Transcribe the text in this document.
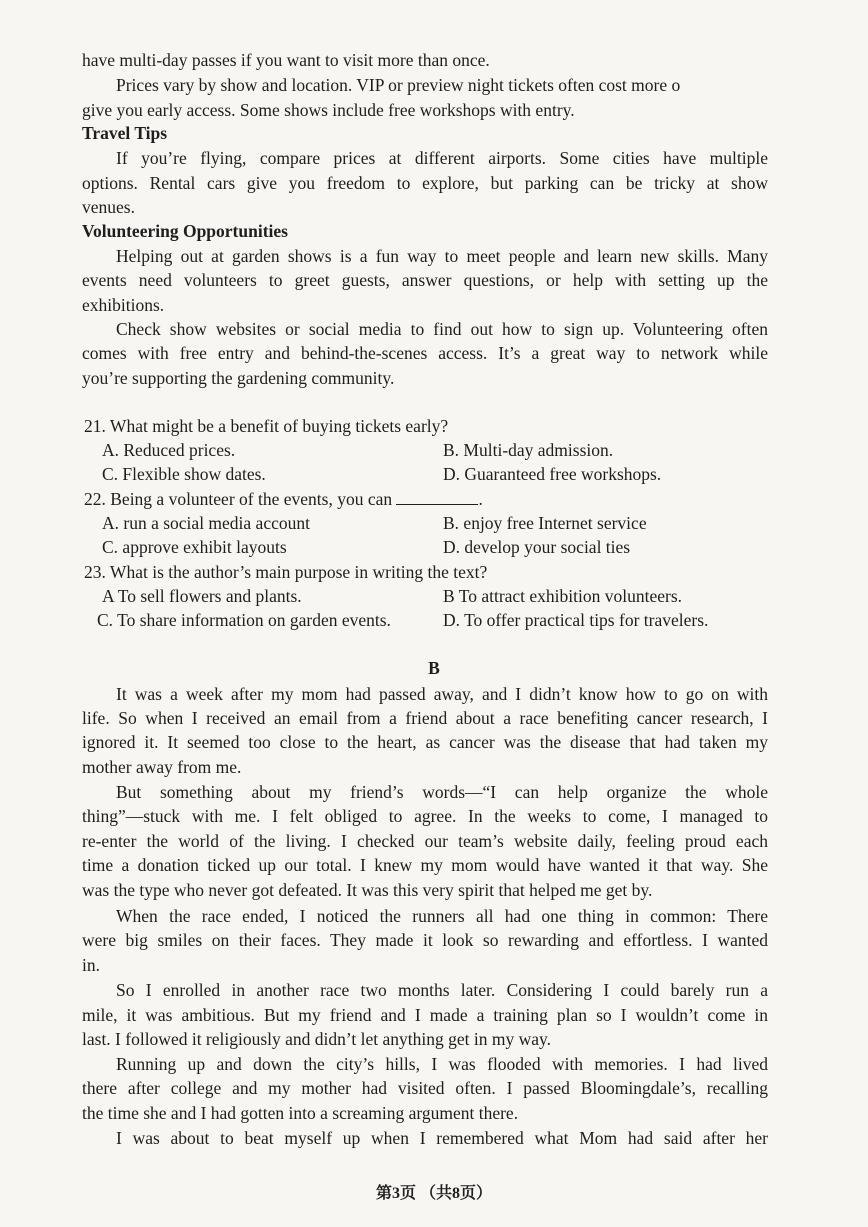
have multi-day passes if you want to visit more than once.
Prices vary by show and location. VIP or preview night tickets often cost more o
give you early access. Some shows include free workshops with entry.
Travel Tips
If you’re flying, compare prices at different airports. Some cities have multiple
options. Rental cars give you freedom to explore, but parking can be tricky at show
venues.
Volunteering Opportunities
Helping out at garden shows is a fun way to meet people and learn new skills. Many
events need volunteers to greet guests, answer questions, or help with setting up the
exhibitions.
Check show websites or social media to find out how to sign up. Volunteering often
comes with free entry and behind-the-scenes access. It’s a great way to network while
you’re supporting the gardening community.
21. What might be a benefit of buying tickets early?
A. Reduced prices.	B. Multi-day admission.
C. Flexible show dates.	D. Guaranteed free workshops.
22. Being a volunteer of the events, you can	.
A. run a social media account	B. enjoy free Internet service
C. approve exhibit layouts	D. develop your social ties
23. What is the author’s main purpose in writing the text?
A To sell flowers and plants.	B To attract exhibition volunteers.
C. To share information on garden events.	D. To offer practical tips for travelers.
B
It was a week after my mom had passed away, and I didn’t know how to go on with
life. So when I received an email from a friend about a race benefiting cancer research, I
ignored it. It seemed too close to the heart, as cancer was the disease that had taken my
mother away from me.
But something about my friend’s words—“I can help organize the whole
thing”—stuck with me. I felt obliged to agree. In the weeks to come, I managed to
re-enter the world of the living. I checked our team’s website daily, feeling proud each
time a donation ticked up our total. I knew my mom would have wanted it that way. She
was the type who never got defeated. It was this very spirit that helped me get by.
When the race ended, I noticed the runners all had one thing in common: There
were big smiles on their faces. They made it look so rewarding and effortless. I wanted
in.
So I enrolled in another race two months later. Considering I could barely run a
mile, it was ambitious. But my friend and I made a training plan so I wouldn’t come in
last. I followed it religiously and didn’t let anything get in my way.
Running up and down the city’s hills, I was flooded with memories. I had lived
there after college and my mother had visited often. I passed Bloomingdale’s, recalling
the time she and I had gotten into a screaming argument there.
I was about to beat myself up when I remembered what Mom had said after her
第3页 （共8页）
